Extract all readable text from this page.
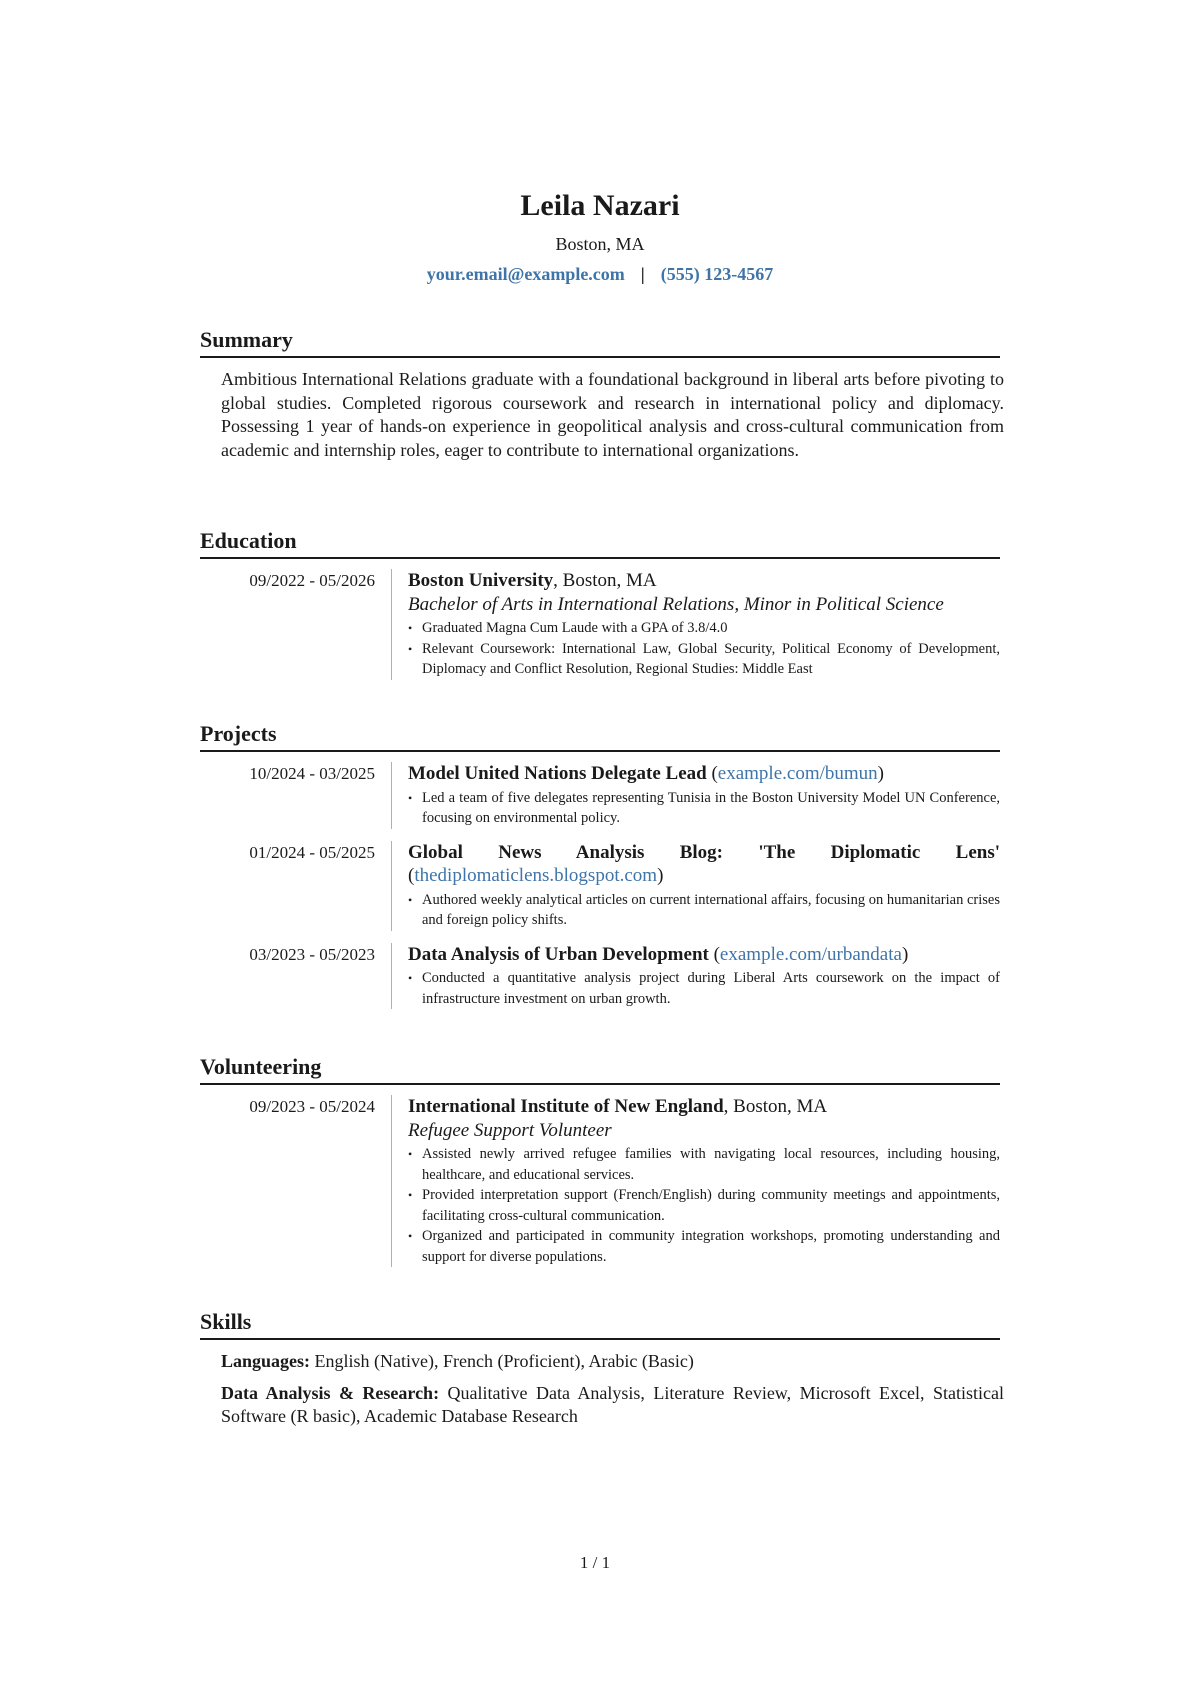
Leila Nazari
Boston, MA
your.email@example.com | (555) 123-4567
Summary
Ambitious International Relations graduate with a foundational background in liberal arts before pivoting to global studies. Completed rigorous coursework and research in international policy and diplomacy. Possessing 1 year of hands-on experience in geopolitical analysis and cross-cultural communication from academic and internship roles, eager to contribute to international organizations.
Education
09/2022 - 05/2026 Boston University, Boston, MA
Bachelor of Arts in International Relations, Minor in Political Science
• Graduated Magna Cum Laude with a GPA of 3.8/4.0
• Relevant Coursework: International Law, Global Security, Political Economy of Development, Diplomacy and Conflict Resolution, Regional Studies: Middle East
Projects
10/2024 - 03/2025 Model United Nations Delegate Lead (example.com/bumun)
• Led a team of five delegates representing Tunisia in the Boston University Model UN Conference, focusing on environmental policy.
01/2024 - 05/2025 Global News Analysis Blog: 'The Diplomatic Lens' (thediplomaticlens.blogspot.com)
• Authored weekly analytical articles on current international affairs, focusing on humanitarian crises and foreign policy shifts.
03/2023 - 05/2023 Data Analysis of Urban Development (example.com/urbandata)
• Conducted a quantitative analysis project during Liberal Arts coursework on the impact of infrastructure investment on urban growth.
Volunteering
09/2023 - 05/2024 International Institute of New England, Boston, MA
Refugee Support Volunteer
• Assisted newly arrived refugee families with navigating local resources, including housing, healthcare, and educational services.
• Provided interpretation support (French/English) during community meetings and appointments, facilitating cross-cultural communication.
• Organized and participated in community integration workshops, promoting understanding and support for diverse populations.
Skills
Languages: English (Native), French (Proficient), Arabic (Basic)
Data Analysis & Research: Qualitative Data Analysis, Literature Review, Microsoft Excel, Statistical Software (R basic), Academic Database Research
1 / 1
